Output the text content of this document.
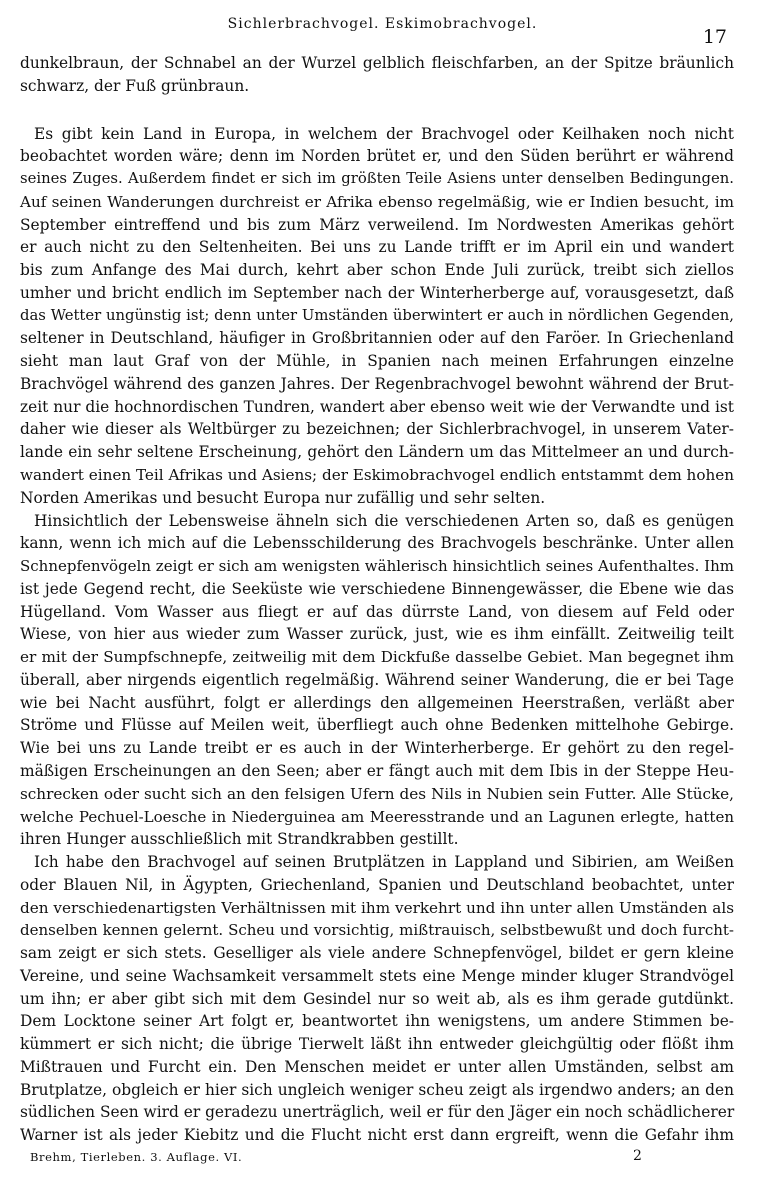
Sichlerbrachvogel. Eskimobrachvogel.
17
dunkelbraun, der Schnabel an der Wurzel gelblich fleischfarben, an der Spitze bräunlich
schwarz, der Fuß grünbraun.
Es gibt kein Land in Europa, in welchem der Brachvogel oder Keilhaken noch nicht
beobachtet worden wäre; denn im Norden brütet er, und den Süden berührt er während
seines Zuges. Außerdem findet er sich im größten Teile Asiens unter denselben Bedingungen.
Auf seinen Wanderungen durchreist er Afrika ebenso regelmäßig, wie er Indien besucht, im
September eintreffend und bis zum März verweilend. Im Nordwesten Amerikas gehört
er auch nicht zu den Seltenheiten. Bei uns zu Lande trifft er im April ein und wandert
bis zum Anfange des Mai durch, kehrt aber schon Ende Juli zurück, treibt sich ziellos
umher und bricht endlich im September nach der Winterherberge auf, vorausgesetzt, daß
das Wetter ungünstig ist; denn unter Umständen überwintert er auch in nördlichen Gegenden,
seltener in Deutschland, häufiger in Großbritannien oder auf den Faröer. In Griechenland
sieht man laut Graf von der Mühle, in Spanien nach meinen Erfahrungen einzelne
Brachvögel während des ganzen Jahres. Der Regenbrachvogel bewohnt während der Brut-
zeit nur die hochnordischen Tundren, wandert aber ebenso weit wie der Verwandte und ist
daher wie dieser als Weltbürger zu bezeichnen; der Sichlerbrachvogel, in unserem Vater-
lande ein sehr seltene Erscheinung, gehört den Ländern um das Mittelmeer an und durch-
wandert einen Teil Afrikas und Asiens; der Eskimobrachvogel endlich entstammt dem hohen
Norden Amerikas und besucht Europa nur zufällig und sehr selten.
Hinsichtlich der Lebensweise ähneln sich die verschiedenen Arten so, daß es genügen
kann, wenn ich mich auf die Lebensschilderung des Brachvogels beschränke. Unter allen
Schnepfenvögeln zeigt er sich am wenigsten wählerisch hinsichtlich seines Aufenthaltes. Ihm
ist jede Gegend recht, die Seeküste wie verschiedene Binnengewässer, die Ebene wie das
Hügelland. Vom Wasser aus fliegt er auf das dürrste Land, von diesem auf Feld oder
Wiese, von hier aus wieder zum Wasser zurück, just, wie es ihm einfällt. Zeitweilig teilt
er mit der Sumpfschnepfe, zeitweilig mit dem Dickfuße dasselbe Gebiet. Man begegnet ihm
überall, aber nirgends eigentlich regelmäßig. Während seiner Wanderung, die er bei Tage
wie bei Nacht ausführt, folgt er allerdings den allgemeinen Heerstraßen, verläßt aber
Ströme und Flüsse auf Meilen weit, überfliegt auch ohne Bedenken mittelhohe Gebirge.
Wie bei uns zu Lande treibt er es auch in der Winterherberge. Er gehört zu den regel-
mäßigen Erscheinungen an den Seen; aber er fängt auch mit dem Ibis in der Steppe Heu-
schrecken oder sucht sich an den felsigen Ufern des Nils in Nubien sein Futter. Alle Stücke,
welche Pechuel-Loesche in Niederguinea am Meeresstrande und an Lagunen erlegte, hatten
ihren Hunger ausschließlich mit Strandkrabben gestillt.
Ich habe den Brachvogel auf seinen Brutplätzen in Lappland und Sibirien, am Weißen
oder Blauen Nil, in Ägypten, Griechenland, Spanien und Deutschland beobachtet, unter
den verschiedenartigsten Verhältnissen mit ihm verkehrt und ihn unter allen Umständen als
denselben kennen gelernt. Scheu und vorsichtig, mißtrauisch, selbstbewußt und doch furcht-
sam zeigt er sich stets. Geselliger als viele andere Schnepfenvögel, bildet er gern kleine
Vereine, und seine Wachsamkeit versammelt stets eine Menge minder kluger Strandvögel
um ihn; er aber gibt sich mit dem Gesindel nur so weit ab, als es ihm gerade gutdünkt.
Dem Locktone seiner Art folgt er, beantwortet ihn wenigstens, um andere Stimmen be-
kümmert er sich nicht; die übrige Tierwelt läßt ihn entweder gleichgültig oder flößt ihm
Mißtrauen und Furcht ein. Den Menschen meidet er unter allen Umständen, selbst am
Brutplatze, obgleich er hier sich ungleich weniger scheu zeigt als irgendwo anders; an den
südlichen Seen wird er geradezu unerträglich, weil er für den Jäger ein noch schädlicherer
Warner ist als jeder Kiebitz und die Flucht nicht erst dann ergreift, wenn die Gefahr ihm
Brehm, Tierleben. 3. Auflage. VI.	2
